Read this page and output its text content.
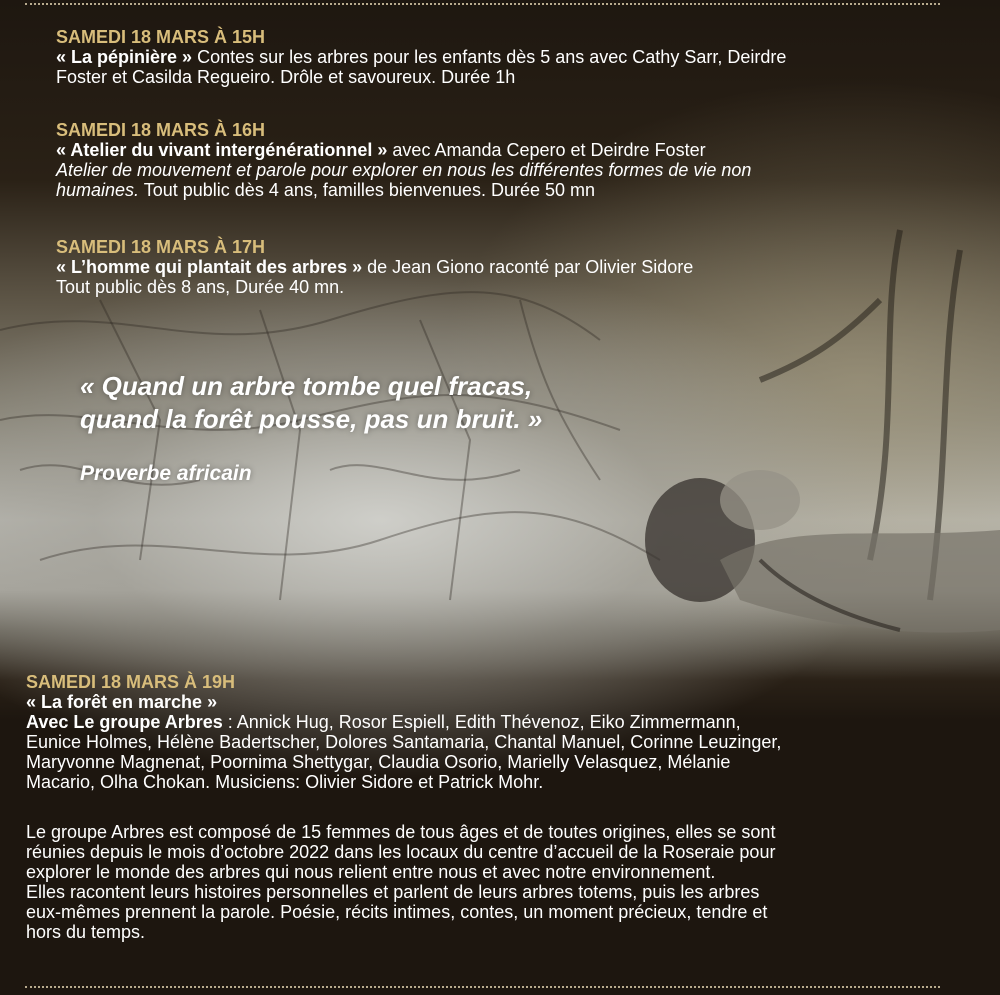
SAMEDI 18 MARS À 15H

« La pépinière » Contes sur les arbres pour les enfants dès 5 ans avec Cathy Sarr, Deirdre

Foster et Casilda Regueiro. Drôle et savoureux. Durée 1h

SAMEDI 18 MARS À 16H

« Atelier du vivant intergénérationnel » avec Amanda Cepero et Deirdre Foster

Atelier de mouvement et parole pour explorer en nous les différentes formes de vie non

humaines. Tout public dès 4 ans, familles bienvenues. Durée 50 mn

SAMEDI 18 MARS À 17H

« L’homme qui plantait des arbres » de Jean Giono raconté par Olivier Sidore

Tout public dès 8 ans, Durée 40 mn.

« Quand un arbre tombe quel fracas,
quand la forêt pousse, pas un bruit. »
Proverbe africain
SAMEDI 18 MARS À 19H

« La forêt en marche »

Avec Le groupe Arbres : Annick Hug, Rosor Espiell, Edith Thévenoz, Eiko Zimmermann,

Eunice Holmes, Hélène Badertscher, Dolores Santamaria, Chantal Manuel, Corinne Leuzinger,

Maryvonne Magnenat, Poornima Shettygar, Claudia Osorio, Marielly Velasquez, Mélanie

Macario, Olha Chokan. Musiciens: Olivier Sidore et Patrick Mohr.

Le groupe Arbres est composé de 15 femmes de tous âges et de toutes origines, elles se sont

réunies depuis le mois d’octobre 2022 dans les locaux du centre d’accueil de la Roseraie pour

explorer le monde des arbres qui nous relient entre nous et avec notre environnement.

Elles racontent leurs histoires personnelles et parlent de leurs arbres totems, puis les arbres

eux-mêmes prennent la parole. Poésie, récits intimes, contes, un moment précieux, tendre et

hors du temps.
